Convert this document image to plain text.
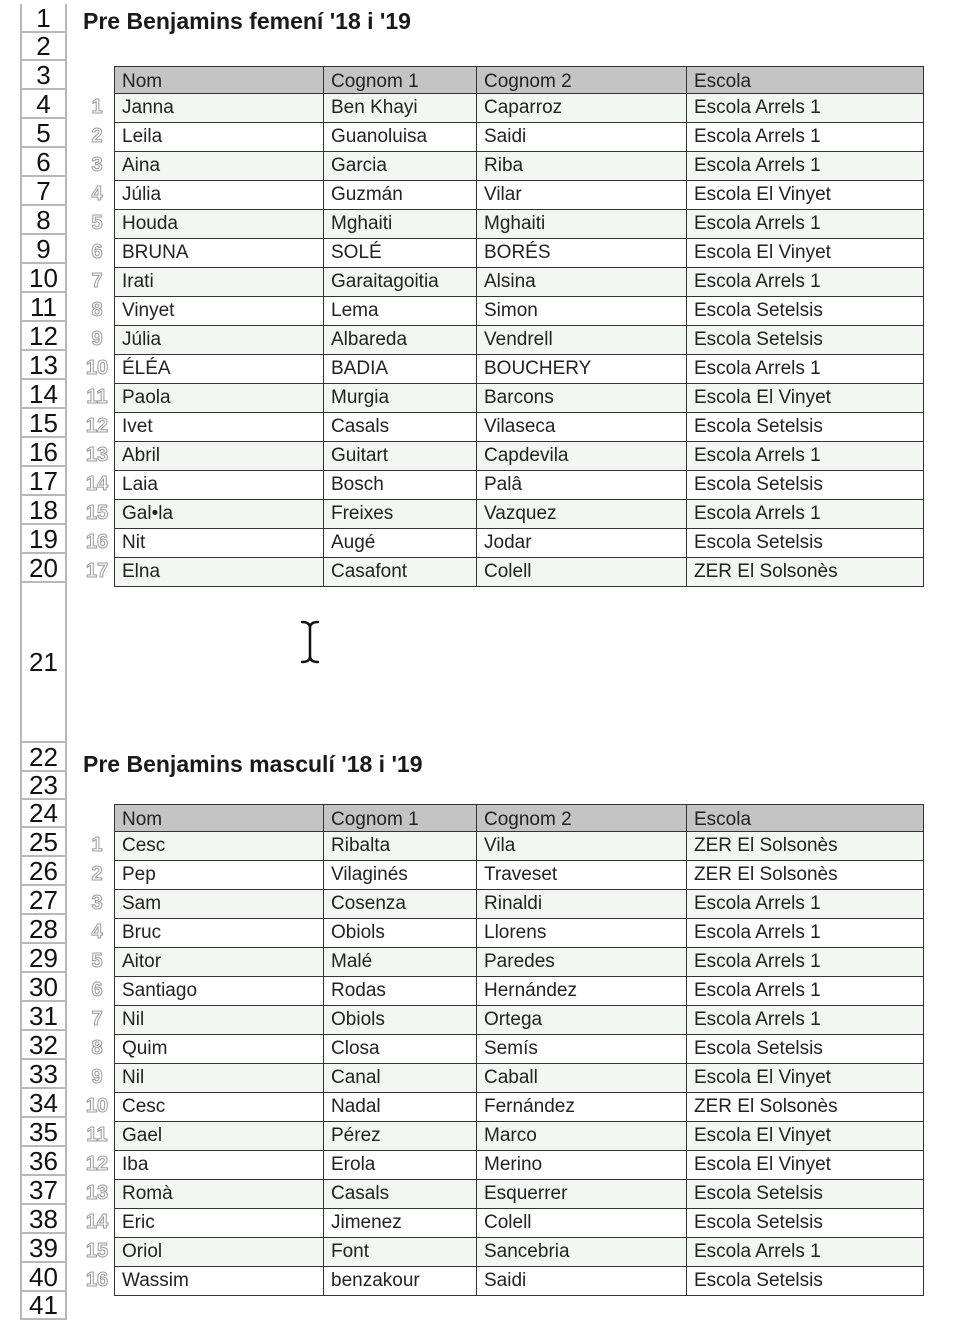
1
2
3
4
5
6
7
8
9
10
11
12
13
14
15
16
17
18
19
20
21
22
23
24
25
26
27
28
29
30
31
32
33
34
35
36
37
38
39
40
41
Pre Benjamins femení '18 i '19
1
2
3
4
5
6
7
8
9
10
11
12
13
14
15
16
17
Nom	Cognom 1	Cognom 2	Escola
Janna	Ben Khayi	Caparroz	Escola Arrels 1
Leila	Guanoluisa	Saidi	Escola Arrels 1
Aina	Garcia	Riba	Escola Arrels 1
Júlia	Guzmán	Vilar	Escola El Vinyet
Houda	Mghaiti	Mghaiti	Escola Arrels 1
BRUNA	SOLÉ	BORÉS	Escola El Vinyet
Irati	Garaitagoitia	Alsina	Escola Arrels 1
Vinyet	Lema	Simon	Escola Setelsis
Júlia	Albareda	Vendrell	Escola Setelsis
ÉLÉA	BADIA	BOUCHERY	Escola Arrels 1
Paola	Murgia	Barcons	Escola El Vinyet
Ivet	Casals	Vilaseca	Escola Setelsis
Abril	Guitart	Capdevila	Escola Arrels 1
Laia	Bosch	Palâ	Escola Setelsis
Gal•la	Freixes	Vazquez	Escola Arrels 1
Nit	Augé	Jodar	Escola Setelsis
Elna	Casafont	Colell	ZER El Solsonès
Pre Benjamins masculí '18 i '19
1
2
3
4
5
6
7
8
9
10
11
12
13
14
15
16
Nom	Cognom 1	Cognom 2	Escola
Cesc	Ribalta	Vila	ZER El Solsonès
Pep	Vilaginés	Traveset	ZER El Solsonès
Sam	Cosenza	Rinaldi	Escola Arrels 1
Bruc	Obiols	Llorens	Escola Arrels 1
Aitor	Malé	Paredes	Escola Arrels 1
Santiago	Rodas	Hernández	Escola Arrels 1
Nil	Obiols	Ortega	Escola Arrels 1
Quim	Closa	Semís	Escola Setelsis
Nil	Canal	Caball	Escola El Vinyet
Cesc	Nadal	Fernández	ZER El Solsonès
Gael	Pérez	Marco	Escola El Vinyet
Iba	Erola	Merino	Escola El Vinyet
Romà	Casals	Esquerrer	Escola Setelsis
Eric	Jimenez	Colell	Escola Setelsis
Oriol	Font	Sancebria	Escola Arrels 1
Wassim	benzakour	Saidi	Escola Setelsis
